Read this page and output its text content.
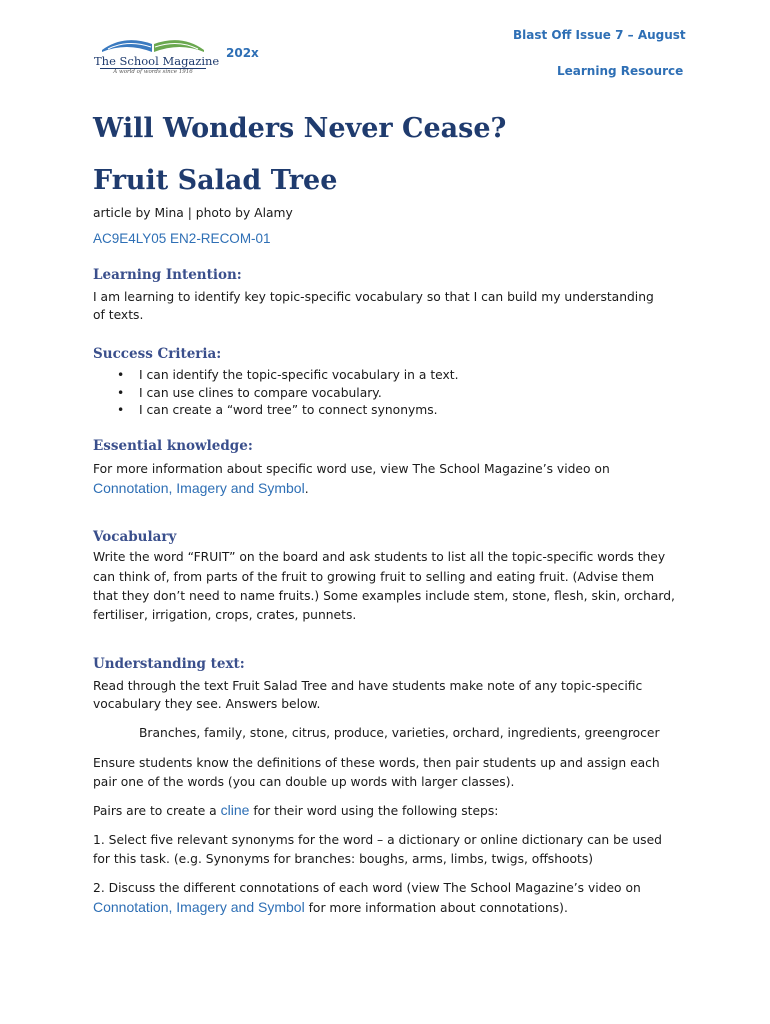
The School Magazine
A world of words since 1916
Blast Off Issue 7 – August
202x
Learning Resource
Will Wonders Never Cease?
Fruit Salad Tree
article by Mina | photo by Alamy
AC9E4LY05 EN2-RECOM-01
Learning Intention:
I am learning to identify key topic-specific vocabulary so that I can build my understanding
of texts.
Success Criteria:
• I can identify the topic-specific vocabulary in a text.
• I can use clines to compare vocabulary.
• I can create a “word tree” to connect synonyms.
Essential knowledge:
For more information about specific word use, view The School Magazine’s video on
Connotation, Imagery and Symbol.
Vocabulary
Write the word “FRUIT” on the board and ask students to list all the topic-specific words they
can think of, from parts of the fruit to growing fruit to selling and eating fruit. (Advise them
that they don’t need to name fruits.) Some examples include stem, stone, flesh, skin, orchard,
fertiliser, irrigation, crops, crates, punnets.
Understanding text:
Read through the text Fruit Salad Tree and have students make note of any topic-specific
vocabulary they see. Answers below.
Branches, family, stone, citrus, produce, varieties, orchard, ingredients, greengrocer
Ensure students know the definitions of these words, then pair students up and assign each
pair one of the words (you can double up words with larger classes).
Pairs are to create a cline for their word using the following steps:
1. Select five relevant synonyms for the word – a dictionary or online dictionary can be used
for this task. (e.g. Synonyms for branches: boughs, arms, limbs, twigs, offshoots)
2. Discuss the different connotations of each word (view The School Magazine’s video on
Connotation, Imagery and Symbol for more information about connotations).
